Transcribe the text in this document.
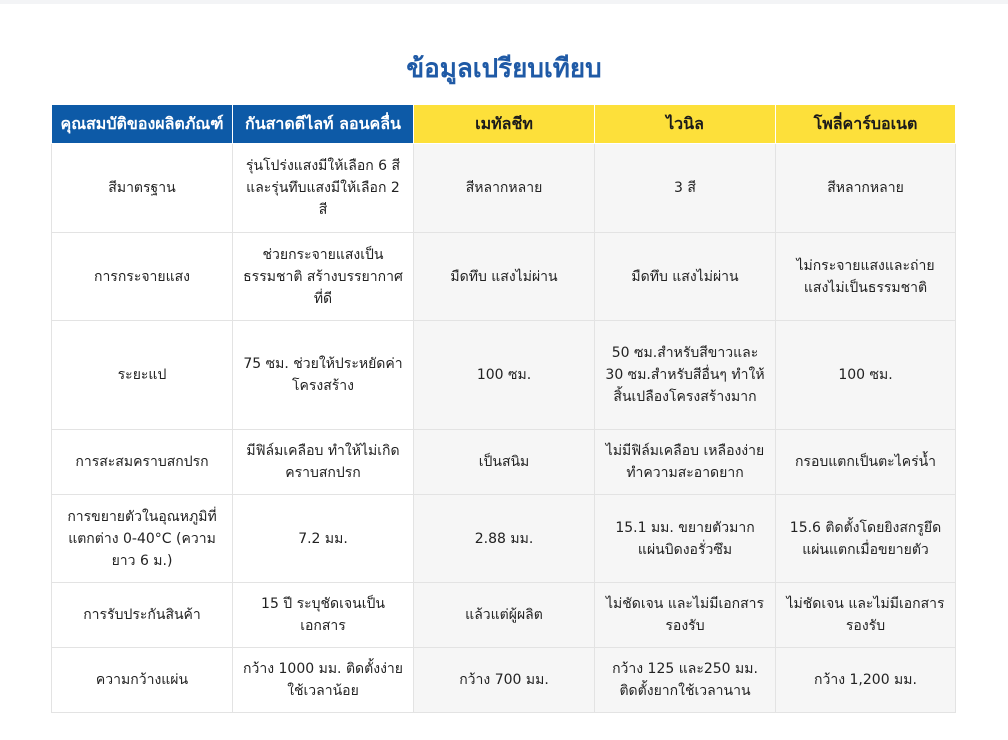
ข้อมูลเปรียบเทียบ
คุณสมบัติของผลิตภัณฑ์	กันสาดดีไลท์ ลอนคลื่น	เมทัลชีท	ไวนิล	โพลี่คาร์บอเนต
สีมาตรฐาน	รุ่นโปร่งแสงมีให้เลือก 6 สี และรุ่นทึบแสงมีให้เลือก 2 สี	สีหลากหลาย	3 สี	สีหลากหลาย
การกระจายแสง	ช่วยกระจายแสงเป็นธรรมชาติ สร้างบรรยากาศที่ดี	มืดทึบ แสงไม่ผ่าน	มืดทึบ แสงไม่ผ่าน	ไม่กระจายแสงและถ่ายแสงไม่เป็นธรรมชาติ
ระยะแป	75 ซม. ช่วยให้ประหยัดค่าโครงสร้าง	100 ซม.	50 ซม.สำหรับสีขาวและ 30 ซม.สำหรับสีอื่นๆ ทำให้สิ้นเปลืองโครงสร้างมาก	100 ซม.
การสะสมคราบสกปรก	มีฟิล์มเคลือบ ทำให้ไม่เกิดคราบสกปรก	เป็นสนิม	ไม่มีฟิล์มเคลือบ เหลืองง่าย ทำความสะอาดยาก	กรอบแตกเป็นตะไคร่น้ำ
การขยายตัวในอุณหภูมิที่แตกต่าง 0-40°C (ความยาว 6 ม.)	7.2 มม.	2.88 มม.	15.1 มม. ขยายตัวมาก แผ่นบิดงอรั่วซึม	15.6 ติดตั้งโดยยิงสกรูยึด แผ่นแตกเมื่อขยายตัว
การรับประกันสินค้า	15 ปี ระบุชัดเจนเป็นเอกสาร	แล้วแต่ผู้ผลิต	ไม่ชัดเจน และไม่มีเอกสารรองรับ	ไม่ชัดเจน และไม่มีเอกสารรองรับ
ความกว้างแผ่น	กว้าง 1000 มม. ติดตั้งง่าย ใช้เวลาน้อย	กว้าง 700 มม.	กว้าง 125 และ250 มม. ติดตั้งยากใช้เวลานาน	กว้าง 1,200 มม.
